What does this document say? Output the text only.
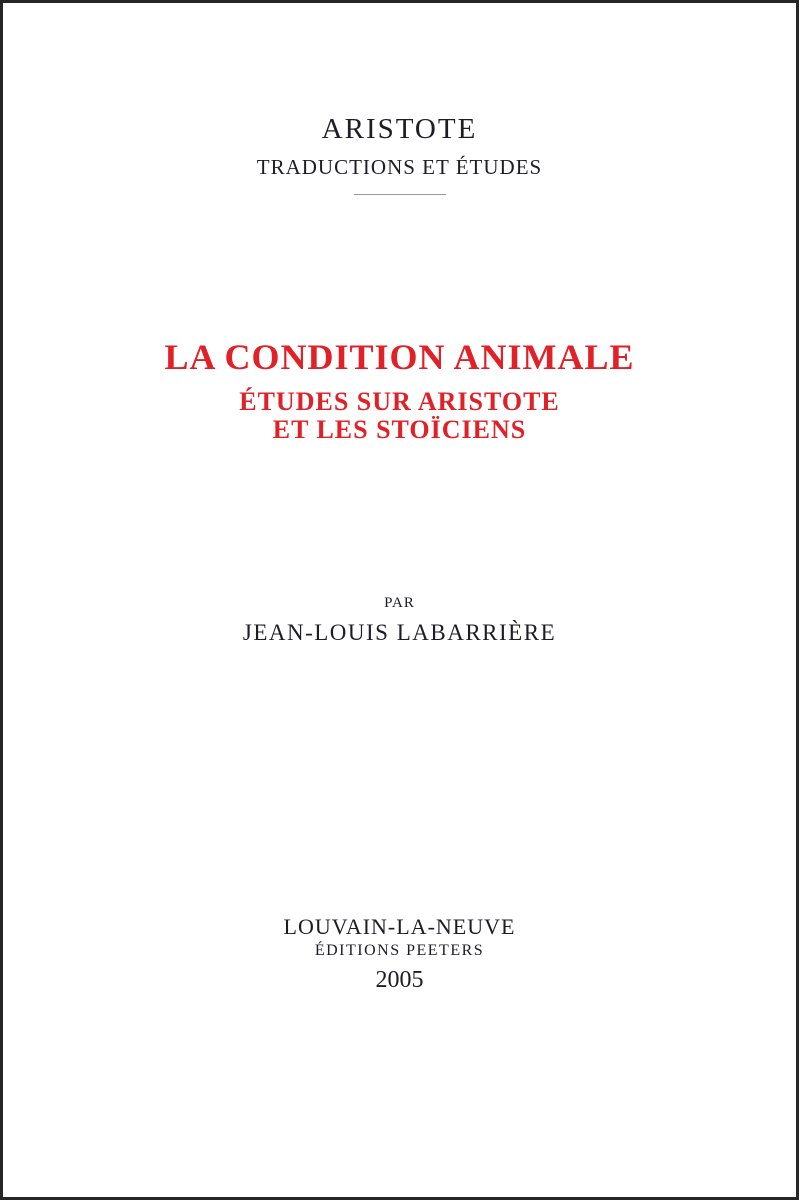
ARISTOTE
TRADUCTIONS ET ÉTUDES
LA CONDITION ANIMALE
ÉTUDES SUR ARISTOTE
ET LES STOÏCIENS
PAR
JEAN-LOUIS LABARRIÈRE
LOUVAIN-LA-NEUVE
ÉDITIONS PEETERS
2005
